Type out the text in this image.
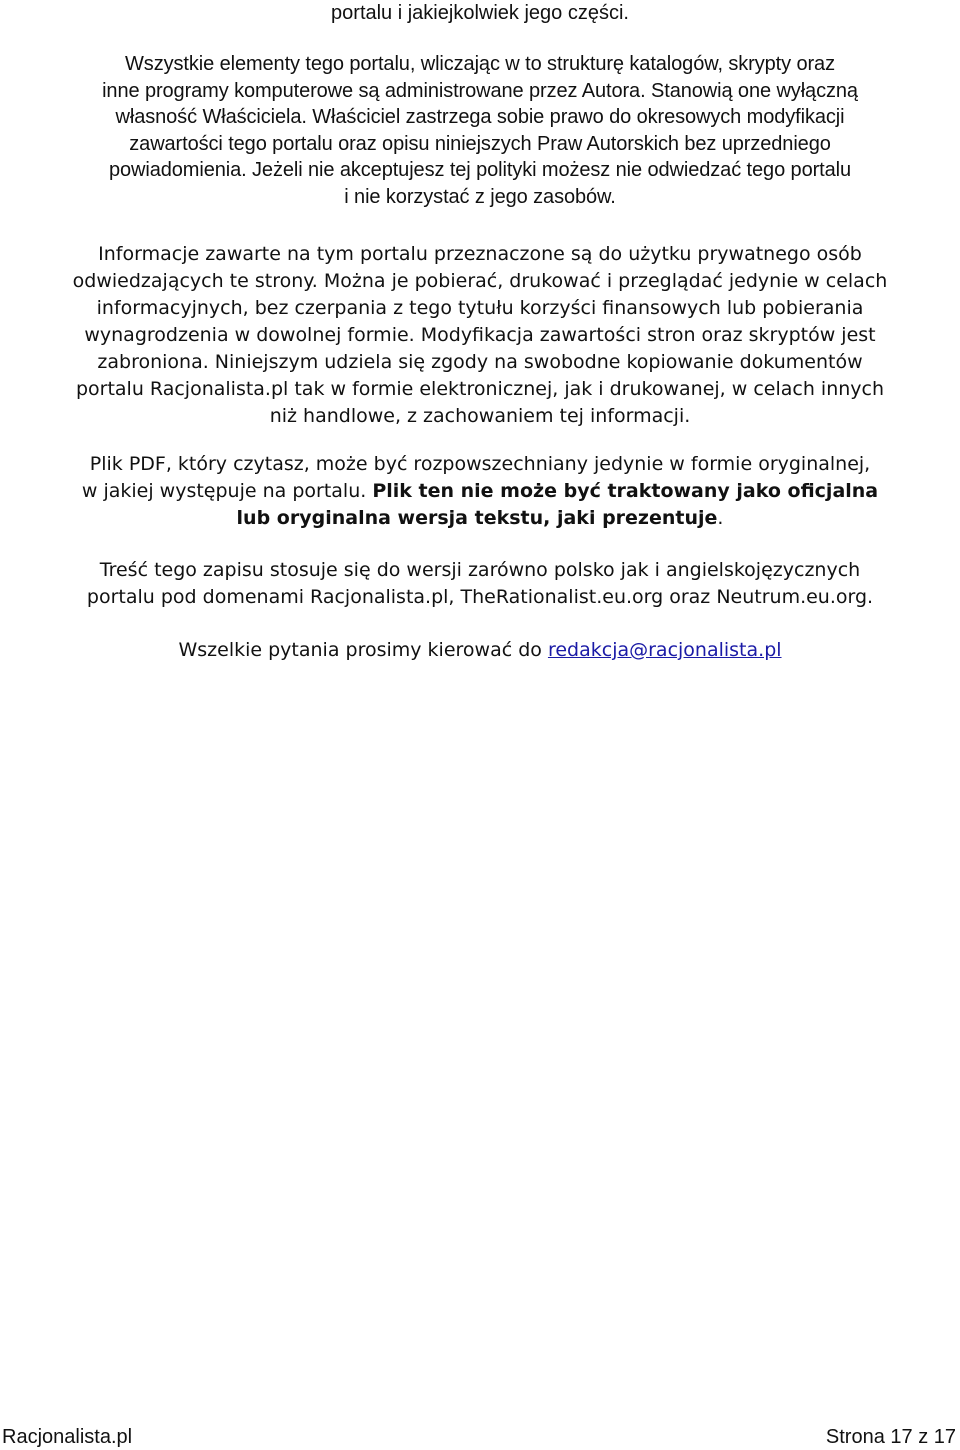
portalu i jakiejkolwiek jego części.
Wszystkie elementy tego portalu, wliczając w to strukturę katalogów, skrypty oraz
inne programy komputerowe są administrowane przez Autora. Stanowią one wyłączną
własność Właściciela. Właściciel zastrzega sobie prawo do okresowych modyfikacji
zawartości tego portalu oraz opisu niniejszych Praw Autorskich bez uprzedniego
powiadomienia. Jeżeli nie akceptujesz tej polityki możesz nie odwiedzać tego portalu
i nie korzystać z jego zasobów.
Informacje zawarte na tym portalu przeznaczone są do użytku prywatnego osób
odwiedzających te strony. Można je pobierać, drukować i przeglądać jedynie w celach
informacyjnych, bez czerpania z tego tytułu korzyści finansowych lub pobierania
wynagrodzenia w dowolnej formie. Modyfikacja zawartości stron oraz skryptów jest
zabroniona. Niniejszym udziela się zgody na swobodne kopiowanie dokumentów
portalu Racjonalista.pl tak w formie elektronicznej, jak i drukowanej, w celach innych
niż handlowe, z zachowaniem tej informacji.
Plik PDF, który czytasz, może być rozpowszechniany jedynie w formie oryginalnej,
w jakiej występuje na portalu. Plik ten nie może być traktowany jako oficjalna
lub oryginalna wersja tekstu, jaki prezentuje.
Treść tego zapisu stosuje się do wersji zarówno polsko jak i angielskojęzycznych
portalu pod domenami Racjonalista.pl, TheRationalist.eu.org oraz Neutrum.eu.org.
Wszelkie pytania prosimy kierować do redakcja@racjonalista.pl
Racjonalista.pl	Strona 17 z 17
